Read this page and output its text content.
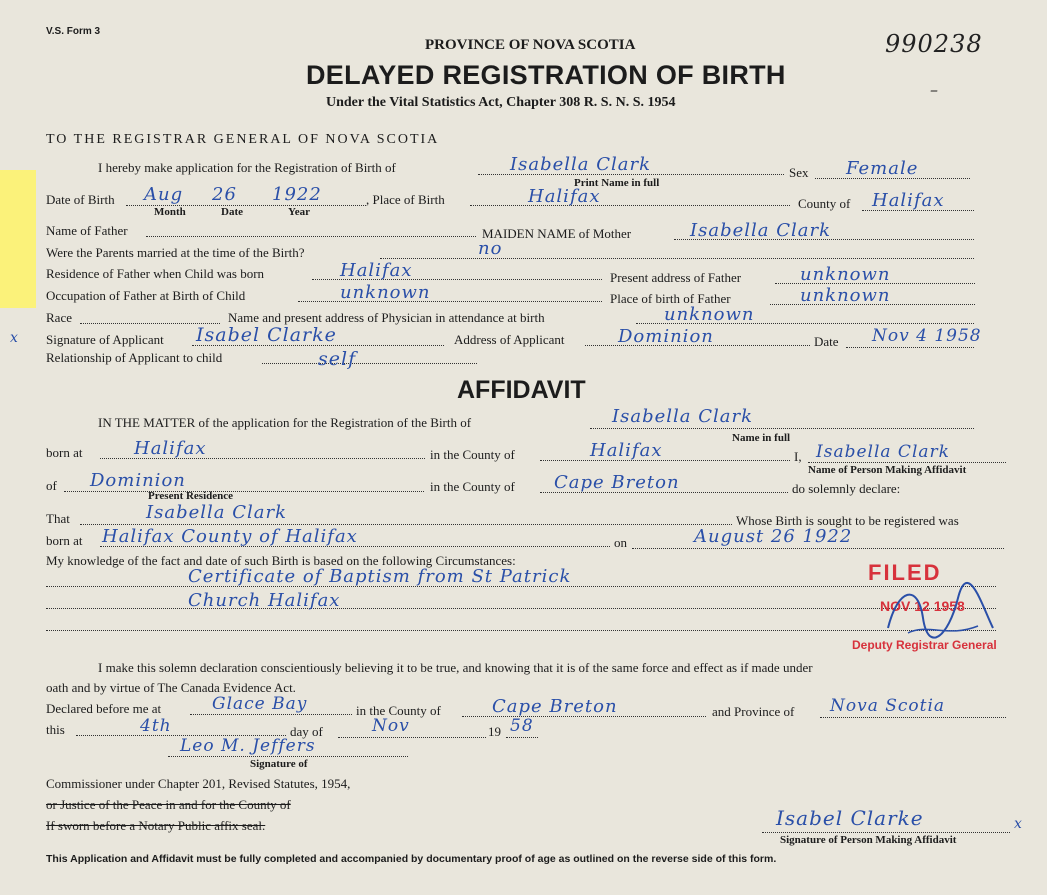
V.S. Form 3	990238
–
PROVINCE OF NOVA SCOTIA
DELAYED REGISTRATION OF BIRTH
Under the Vital Statistics Act, Chapter 308 R. S. N. S. 1954
TO THE REGISTRAR GENERAL OF NOVA SCOTIA
I hereby make application for the Registration of Birth of	Isabella Clark
Print Name in full
Sex Female
Date of Birth Aug 26 1922
Month	Date	Year
, Place of Birth	Halifax	County of Halifax
Name of Father	MAIDEN NAME of Mother	Isabella Clark
Were the Parents married at the time of the Birth?	no
Residence of Father when Child was born	Halifax	Present address of Father	unknown
Occupation of Father at Birth of Child	unknown	Place of birth of Father	unknown
Race	Name and present address of Physician in attendance at birth	unknown
x Signature of Applicant Isabel Clarke	Address of Applicant	Dominion	Date Nov 4 1958
Relationship of Applicant to child	self
AFFIDAVIT
IN THE MATTER of the application for the Registration of the Birth of	Isabella Clark
Name in full
born at	Halifax	in the County of	Halifax	I, Isabella Clark
Name of Person Making Affidavit
of Dominion
Present Residence
in the County of Cape Breton	do solemnly declare:
That	Isabella Clark	Whose Birth is sought to be registered was
born at Halifax County of Halifax	on	August 26 1922
My knowledge of the fact and date of such Birth is based on the following Circumstances:
Certificate of Baptism from St Patrick
Church Halifax
I make this solemn declaration conscientiously believing it to be true, and knowing that it is of the same force and effect as if made under
oath and by virtue of The Canada Evidence Act.
Declared before me at	Glace Bay	in the County of	Cape Breton	and Province of Nova Scotia
this	4th	day of	Nov	19 58
Leo M. Jeffers
Signature of
Commissioner under Chapter 201, Revised Statutes, 1954,
or Justice of the Peace in and for the County of
If sworn before a Notary Public affix seal.	Isabel Clarke	x
Signature of Person Making Affidavit
This Application and Affidavit must be fully completed and accompanied by documentary proof of age as outlined on the reverse side of this form.
FILED
NOV 12 1958
Deputy Registrar General
